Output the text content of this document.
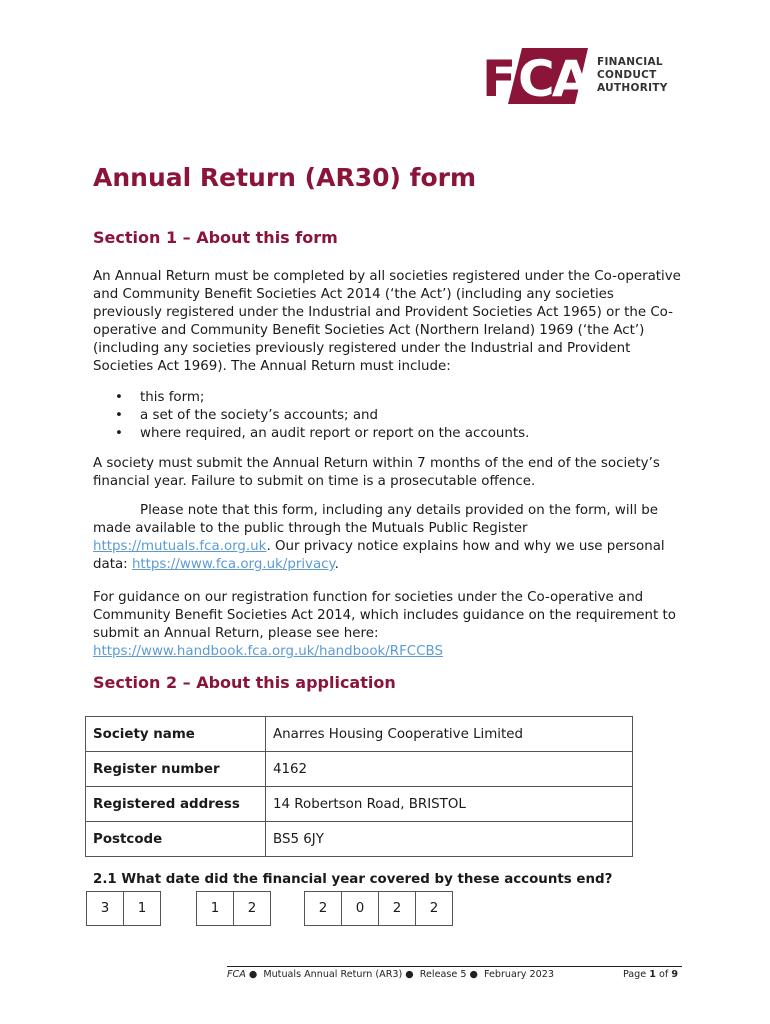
F CA FINANCIAL
CONDUCT
AUTHORITY
Annual Return (AR30) form
Section 1 – About this form

An Annual Return must be completed by all societies registered under the Co-operative and Community Benefit Societies Act 2014 (‘the Act’) (including any societies previously registered under the Industrial and Provident Societies Act 1965) or the Co-operative and Community Benefit Societies Act (Northern Ireland) 1969 (‘the Act’) (including any societies previously registered under the Industrial and Provident Societies Act 1969). The Annual Return must include:

• this form;
• a set of the society’s accounts; and
• where required, an audit report or report on the accounts.

A society must submit the Annual Return within 7 months of the end of the society’s financial year. Failure to submit on time is a prosecutable offence.

Please note that this form, including any details provided on the form, will be made available to the public through the Mutuals Public Register https://mutuals.fca.org.uk. Our privacy notice explains how and why we use personal data: https://www.fca.org.uk/privacy.

For guidance on our registration function for societies under the Co-operative and Community Benefit Societies Act 2014, which includes guidance on the requirement to submit an Annual Return, please see here: https://www.handbook.fca.org.uk/handbook/RFCCBS

Section 2 – About this application
Society name	Anarres Housing Cooperative Limited
Register number	4162
Registered address	14 Robertson Road, BRISTOL
Postcode	BS5 6JY
2.1 What date did the financial year covered by these accounts end?
3	1	1	2	2	0	2	2
FCA ● Mutuals Annual Return (AR3) ● Release 5 ● February 2023	Page 1 of 9
